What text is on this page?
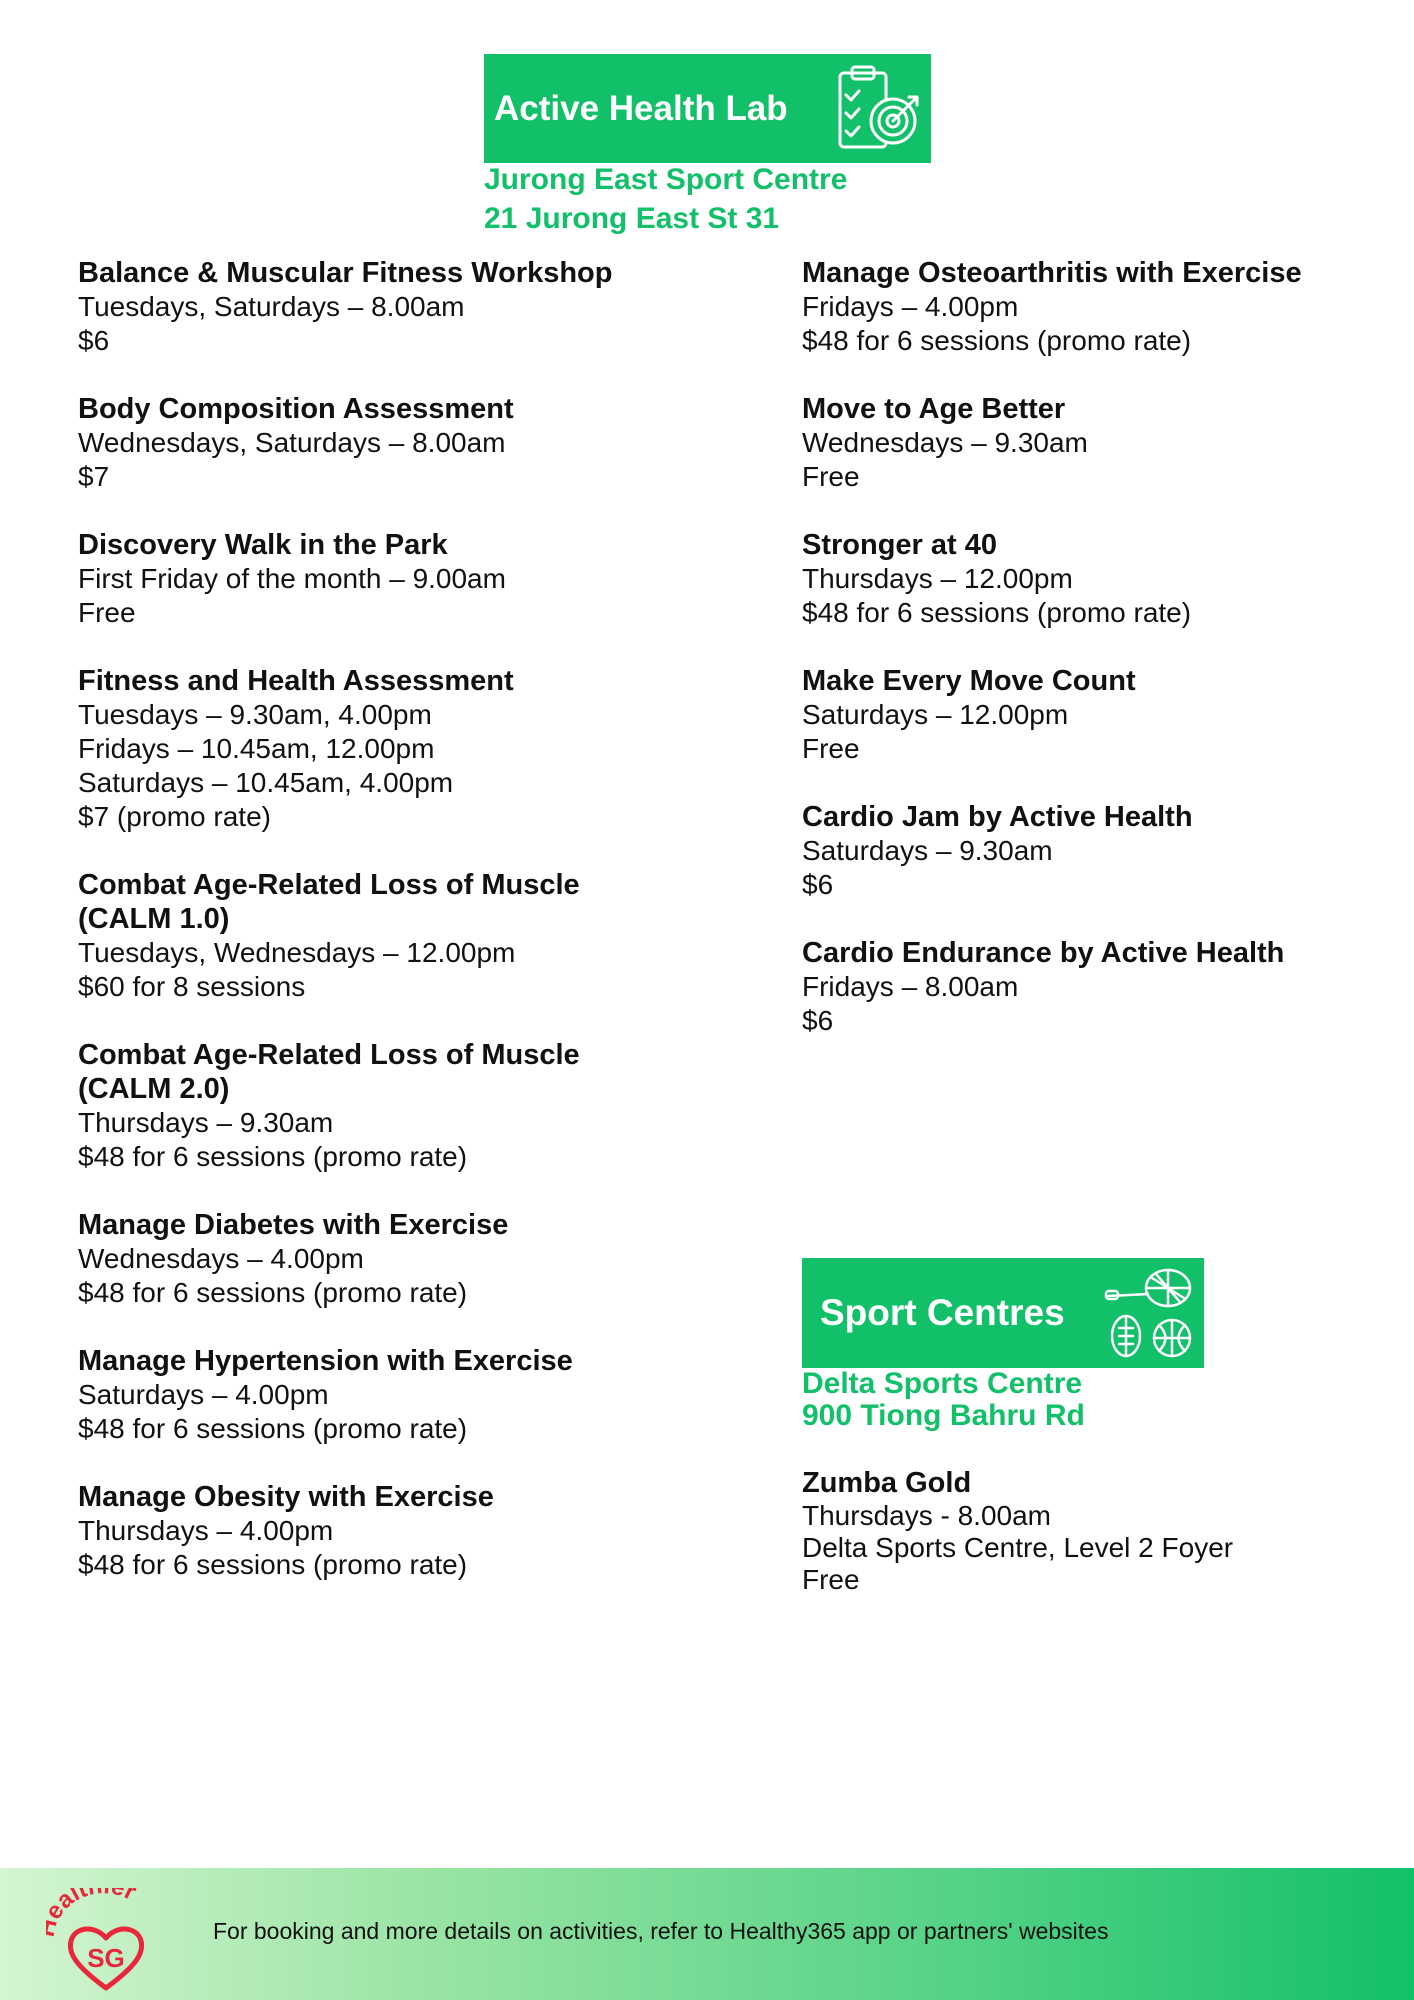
Active Health Lab
Jurong East Sport Centre
21 Jurong East St 31
Balance & Muscular Fitness Workshop
Tuesdays, Saturdays – 8.00am
$6
Body Composition Assessment
Wednesdays, Saturdays – 8.00am
$7
Discovery Walk in the Park
First Friday of the month – 9.00am
Free
Fitness and Health Assessment
Tuesdays – 9.30am, 4.00pm
Fridays – 10.45am, 12.00pm
Saturdays – 10.45am, 4.00pm
$7 (promo rate)
Combat Age-Related Loss of Muscle (CALM 1.0)
Tuesdays, Wednesdays – 12.00pm
$60 for 8 sessions
Combat Age-Related Loss of Muscle (CALM 2.0)
Thursdays – 9.30am
$48 for 6 sessions (promo rate)
Manage Diabetes with Exercise
Wednesdays – 4.00pm
$48 for 6 sessions (promo rate)
Manage Hypertension with Exercise
Saturdays – 4.00pm
$48 for 6 sessions (promo rate)
Manage Obesity with Exercise
Thursdays – 4.00pm
$48 for 6 sessions (promo rate)
Manage Osteoarthritis with Exercise
Fridays – 4.00pm
$48 for 6 sessions (promo rate)
Move to Age Better
Wednesdays – 9.30am
Free
Stronger at 40
Thursdays – 12.00pm
$48 for 6 sessions (promo rate)
Make Every Move Count
Saturdays – 12.00pm
Free
Cardio Jam by Active Health
Saturdays – 9.30am
$6
Cardio Endurance by Active Health
Fridays – 8.00am
$6
Sport Centres
Delta Sports Centre
900 Tiong Bahru Rd
Zumba Gold
Thursdays - 8.00am
Delta Sports Centre, Level 2 Foyer
Free
alt r
SG
For booking and more details on activities, refer to Healthy365 app or partners' websites
